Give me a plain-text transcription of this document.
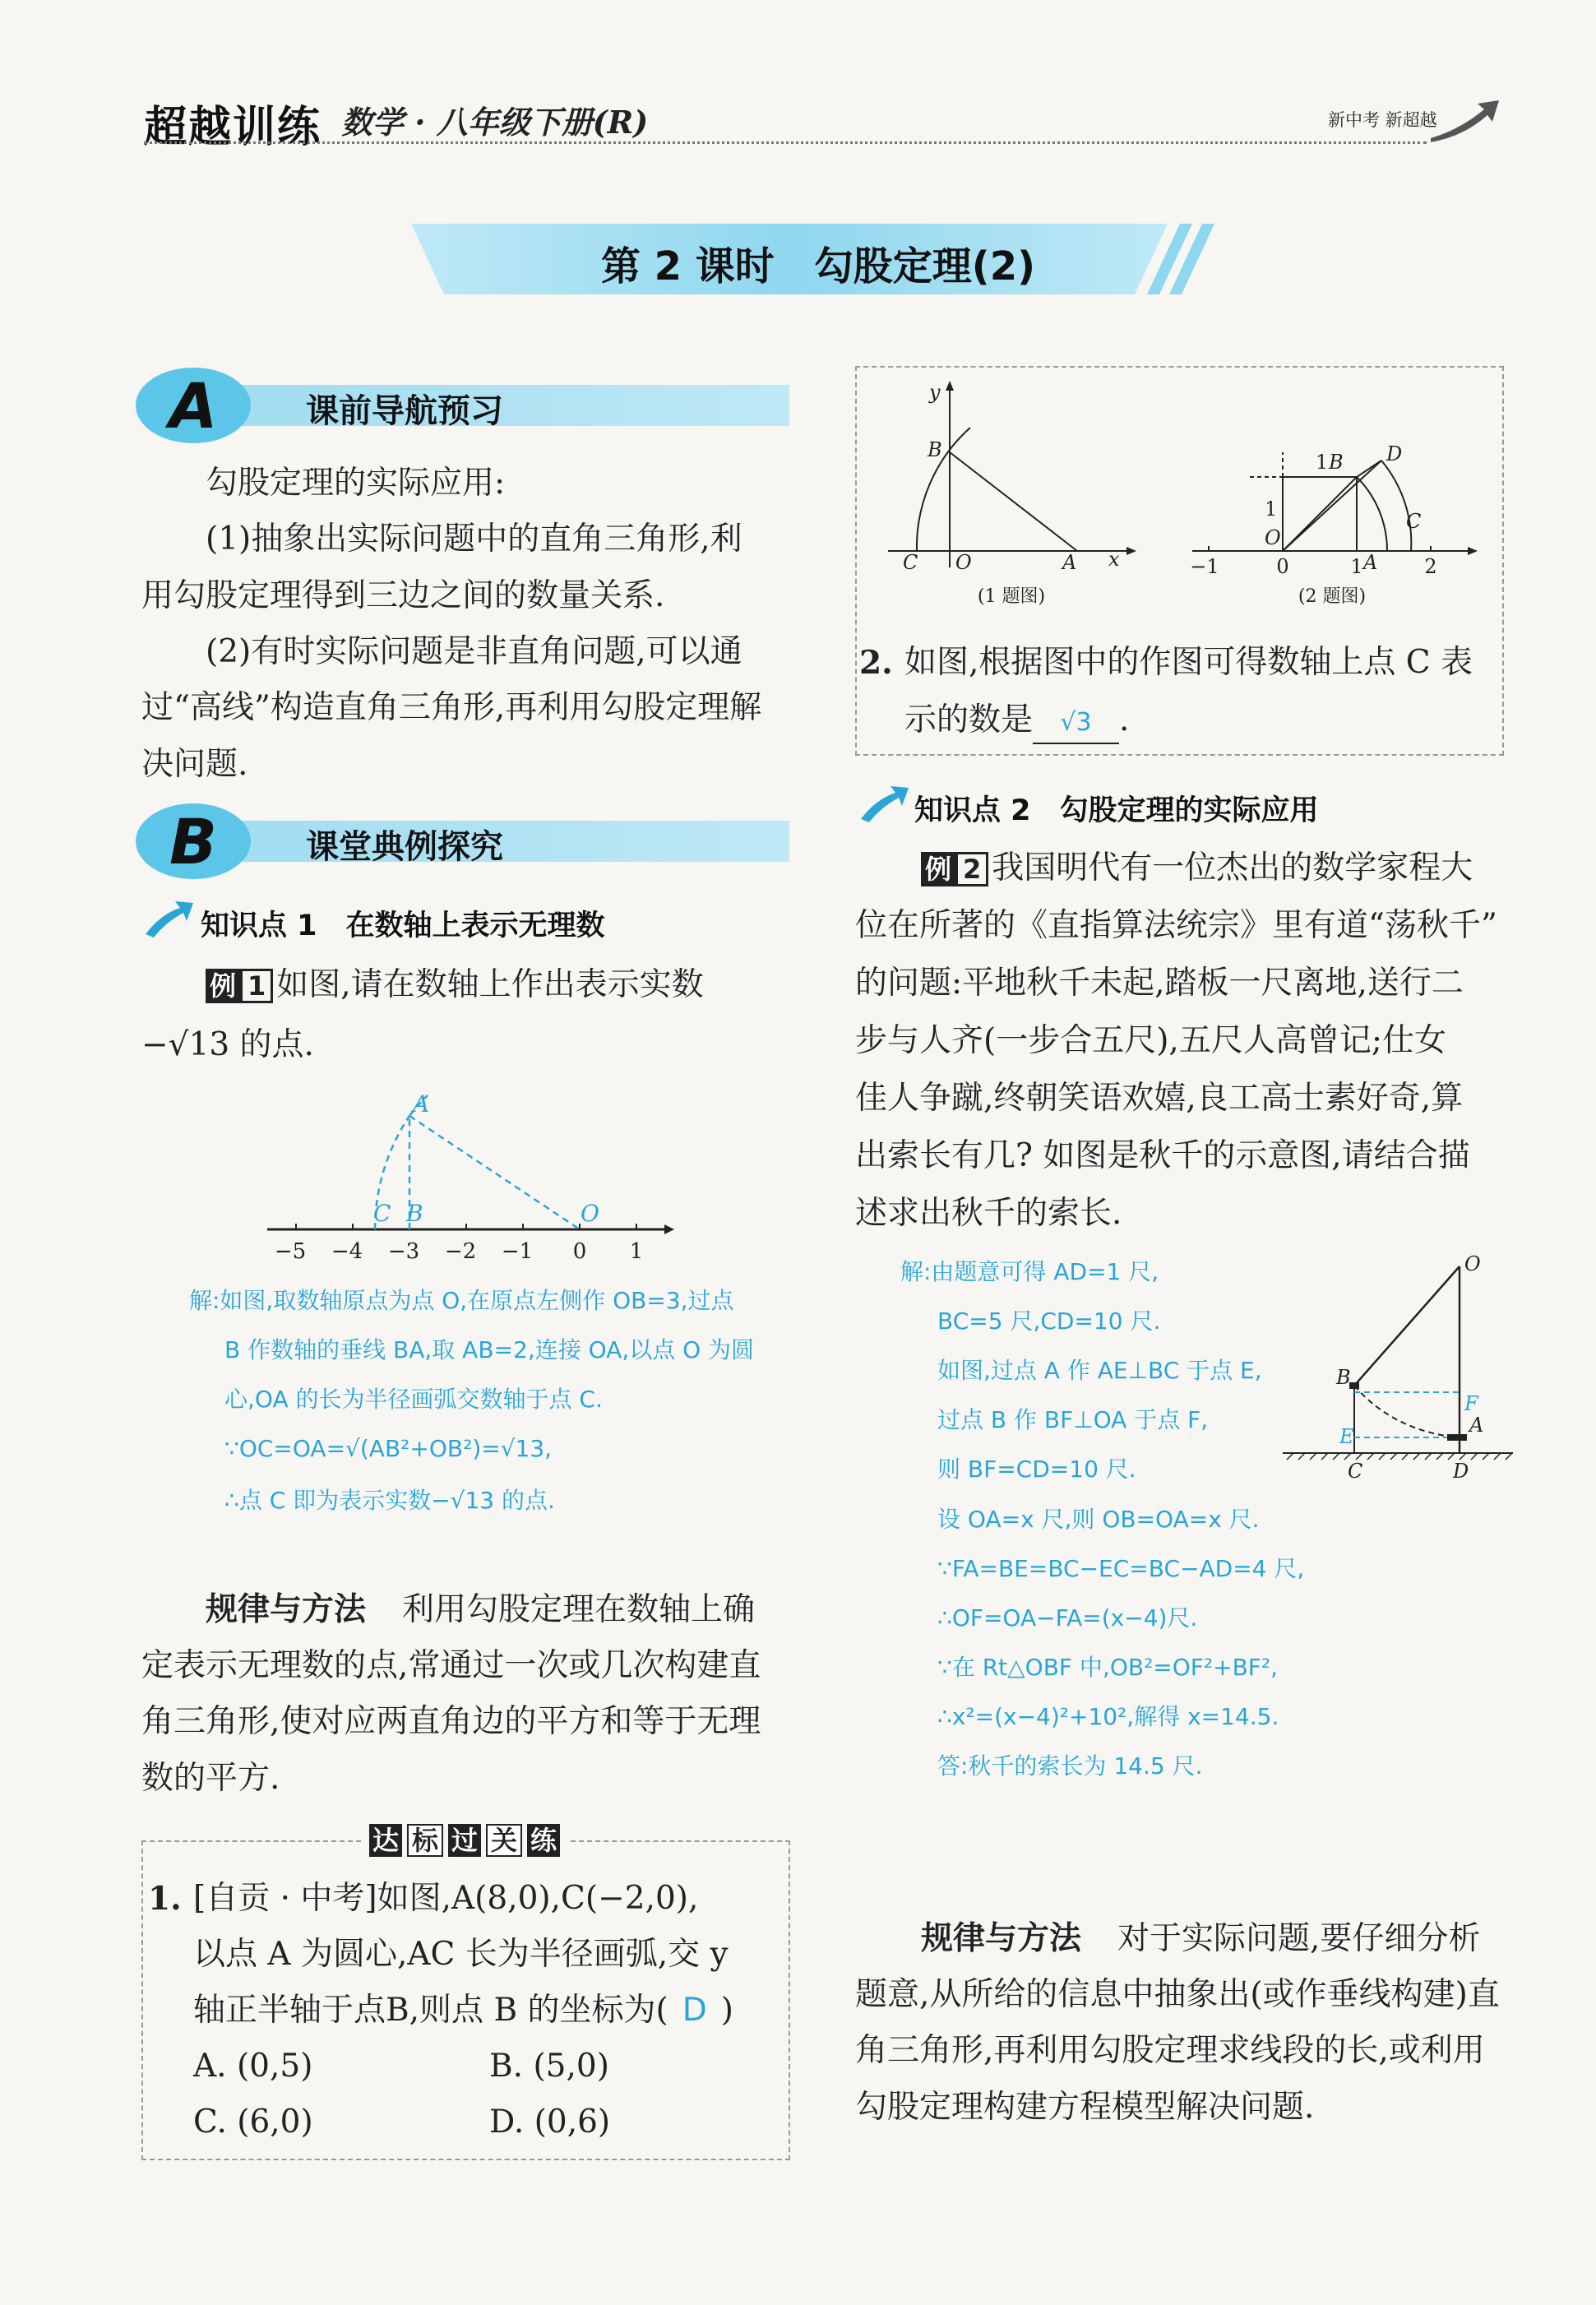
超越训练 数学 · 八年级下册(R)	新中考 新超越
第 2 课时　勾股定理(2)
A	课前导航预习
勾股定理的实际应用:
(1)抽象出实际问题中的直角三角形,利
用勾股定理得到三边之间的数量关系.
(2)有时实际问题是非直角问题,可以通
过“高线”构造直角三角形,再利用勾股定理解
决问题.
B	课堂典例探究
知识点 1　在数轴上表示无理数
例 1 如图,请在数轴上作出表示实数
−√13 的点.
−5 −4 −3 −2 −1 0 1
A
B
C	O
解:如图,取数轴原点为点 O,在原点左侧作 OB=3,过点
B 作数轴的垂线 BA,取 AB=2,连接 OA,以点 O 为圆
心,OA 的长为半径画弧交数轴于点 C.
∵OC=OA=√(AB²+OB²)=√13,
∴点 C 即为表示实数−√13 的点.
规律与方法 利用勾股定理在数轴上确
定表示无理数的点,常通过一次或几次构建直
角三角形,使对应两直角边的平方和等于无理
数的平方.
达 标 过 关 练
1. [自贡 · 中考]如图,A(8,0),C(−2,0),
以点 A 为圆心,AC 长为半径画弧,交 y
轴正半轴于点B,则点 B 的坐标为( D )
A. (0,5)	B. (5,0)
C. (6,0)	D. (0,6)
y
x
B
C O	A
(1 题图)
−1	0	1	2
1
1 B D
O
A
C
(2 题图)
2. 如图,根据图中的作图可得数轴上点 C 表
示的数是 √3 .
知识点 2　勾股定理的实际应用
例 2 我国明代有一位杰出的数学家程大
位在所著的《直指算法统宗》里有道“荡秋千”
的问题:平地秋千未起,踏板一尺离地,送行二
步与人齐(一步合五尺),五尺人高曾记;仕女
佳人争蹴,终朝笑语欢嬉,良工高士素好奇,算
出索长有几? 如图是秋千的示意图,请结合描
述求出秋千的索长.
解:由题意可得 AD=1 尺,
BC=5 尺,CD=10 尺.
如图,过点 A 作 AE⊥BC 于点 E,
过点 B 作 BF⊥OA 于点 F,
则 BF=CD=10 尺.
设 OA=x 尺,则 OB=OA=x 尺.
∵FA=BE=BC−EC=BC−AD=4 尺,
∴OF=OA−FA=(x−4)尺.
∵在 Rt△OBF 中,OB²=OF²+BF²,
∴x²=(x−4)²+10²,解得 x=14.5.
答:秋千的索长为 14.5 尺.
O
B
F
E	A
C	D
规律与方法 对于实际问题,要仔细分析
题意,从所给的信息中抽象出(或作垂线构建)直
角三角形,再利用勾股定理求线段的长,或利用
勾股定理构建方程模型解决问题.
